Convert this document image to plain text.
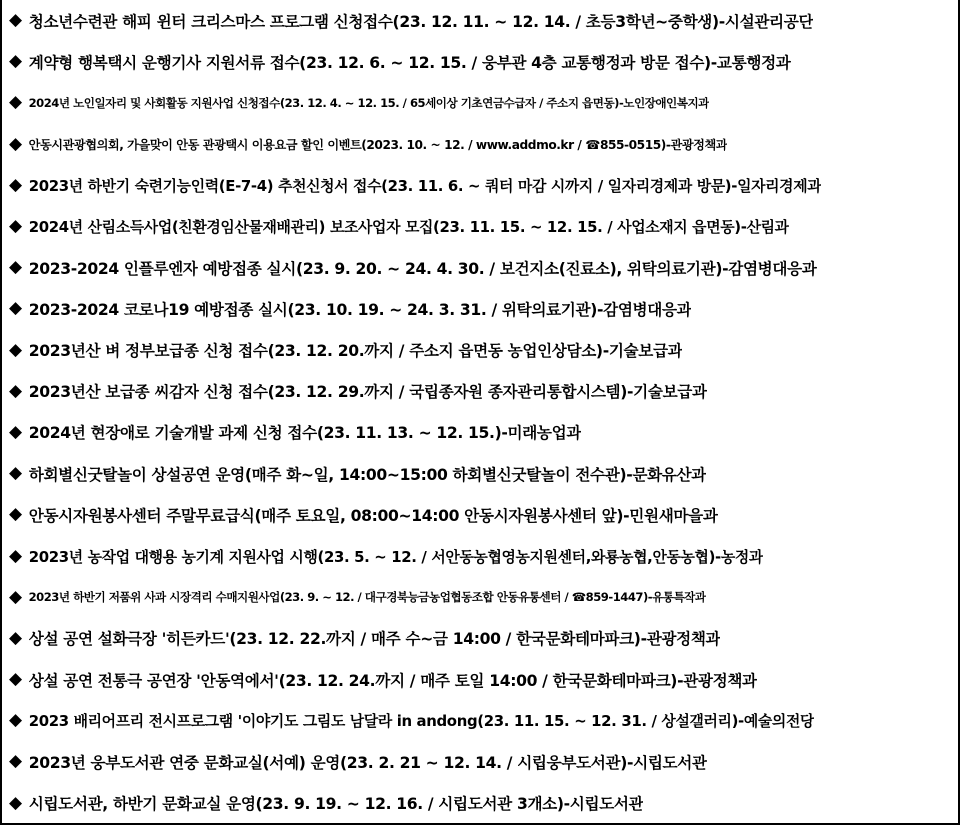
◆ 청소년수련관 해피 윈터 크리스마스 프로그램 신청접수(23. 12. 11. ~ 12. 14. / 초등3학년~중학생)-시설관리공단
◆ 계약형 행복택시 운행기사 지원서류 접수(23. 12. 6. ~ 12. 15. / 웅부관 4층 교통행정과 방문 접수)-교통행정과
◆ 2024년 노인일자리 및 사회활동 지원사업 신청접수(23. 12. 4. ~ 12. 15. / 65세이상 기초연금수급자 / 주소지 읍면동)-노인장애인복지과
◆ 안동시관광협의회, 가을맞이 안동 관광택시 이용요금 할인 이벤트(2023. 10. ~ 12. / www.addmo.kr / ☎855-0515)-관광정책과
◆ 2023년 하반기 숙련기능인력(E-7-4) 추천신청서 접수(23. 11. 6. ~ 쿼터 마감 시까지 / 일자리경제과 방문)-일자리경제과
◆ 2024년 산림소득사업(친환경임산물재배관리) 보조사업자 모집(23. 11. 15. ~ 12. 15. / 사업소재지 읍면동)-산림과
◆ 2023-2024 인플루엔자 예방접종 실시(23. 9. 20. ~ 24. 4. 30. / 보건지소(진료소), 위탁의료기관)-감염병대응과
◆ 2023-2024 코로나19 예방접종 실시(23. 10. 19. ~ 24. 3. 31. / 위탁의료기관)-감염병대응과
◆ 2023년산 벼 정부보급종 신청 접수(23. 12. 20.까지 / 주소지 읍면동 농업인상담소)-기술보급과
◆ 2023년산 보급종 씨감자 신청 접수(23. 12. 29.까지 / 국립종자원 종자관리통합시스템)-기술보급과
◆ 2024년 현장애로 기술개발 과제 신청 접수(23. 11. 13. ~ 12. 15.)-미래농업과
◆ 하회별신굿탈놀이 상설공연 운영(매주 화~일, 14:00~15:00 하회별신굿탈놀이 전수관)-문화유산과
◆ 안동시자원봉사센터 주말무료급식(매주 토요일, 08:00~14:00 안동시자원봉사센터 앞)-민원새마을과
◆ 2023년 농작업 대행용 농기계 지원사업 시행(23. 5. ~ 12. / 서안동농협영농지원센터,와룡농협,안동농협)-농정과
◆ 2023년 하반기 저품위 사과 시장격리 수매지원사업(23. 9. ~ 12. / 대구경북능금농업협동조합 안동유통센터 / ☎859-1447)-유통특작과
◆ 상설 공연 설화극장 '히든카드'(23. 12. 22.까지 / 매주 수~금 14:00 / 한국문화테마파크)-관광정책과
◆ 상설 공연 전통극 공연장 '안동역에서'(23. 12. 24.까지 / 매주 토일 14:00 / 한국문화테마파크)-관광정책과
◆ 2023 배리어프리 전시프로그램 '이야기도 그림도 남달라 in andong(23. 11. 15. ~ 12. 31. / 상설갤러리)-예술의전당
◆ 2023년 웅부도서관 연중 문화교실(서예) 운영(23. 2. 21 ~ 12. 14. / 시립웅부도서관)-시립도서관
◆ 시립도서관, 하반기 문화교실 운영(23. 9. 19. ~ 12. 16. / 시립도서관 3개소)-시립도서관
